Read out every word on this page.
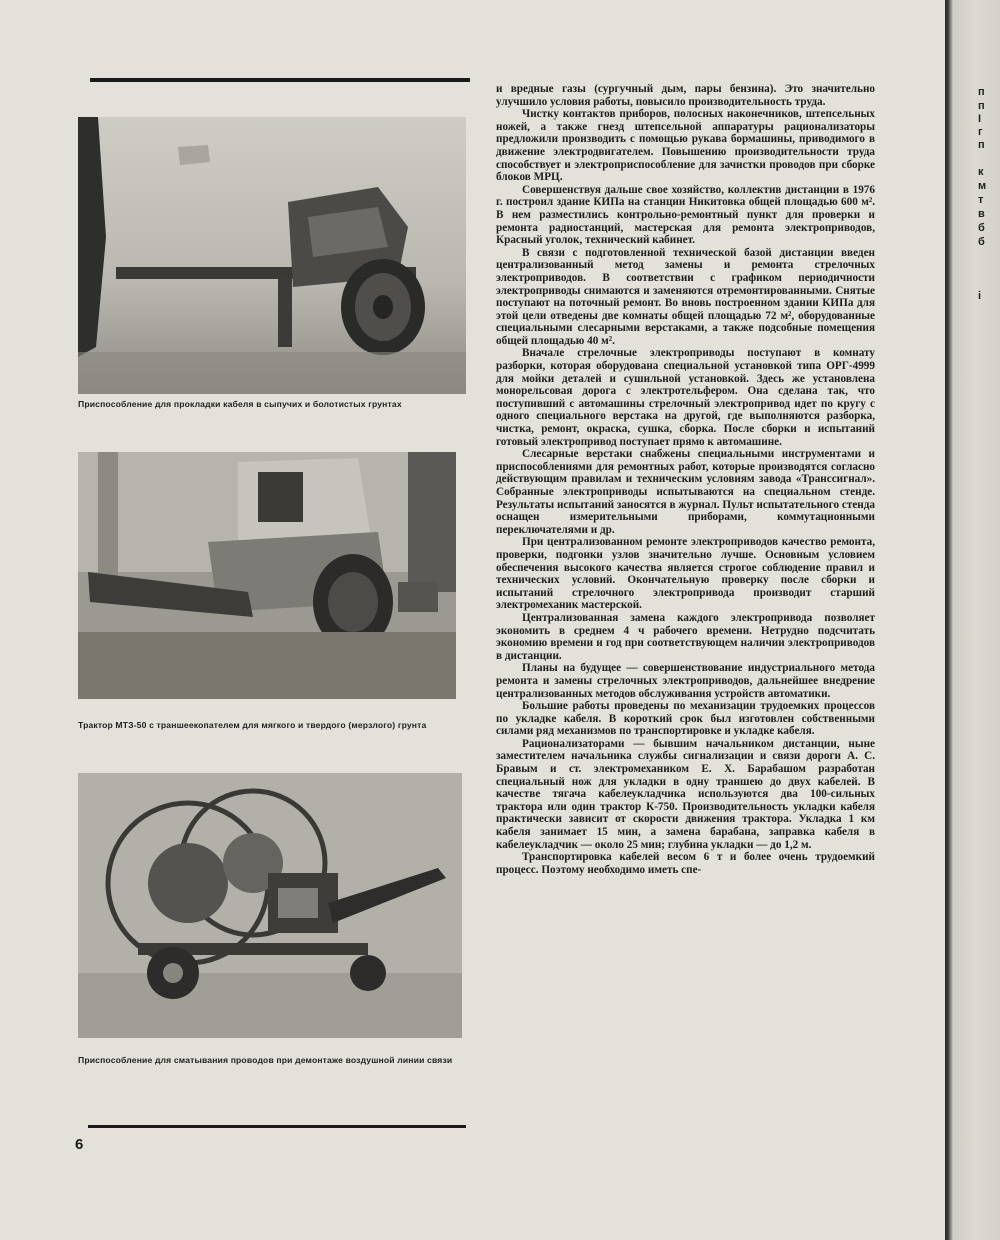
Приспособление для прокладки кабеля в сыпучих и болотистых грунтах
Трактор МТЗ-50 с траншеекопателем для мягкого и твердого (мерзлого) грунта
Приспособление для сматывания проводов при демонтаже воздушной линии связи
6

и вредные газы (сургучный дым, пары бензина). Это значительно улучшило условия работы, повысило производительность труда.

Чистку контактов приборов, полосных наконечников, штепсельных ножей, а также гнезд штепсельной аппаратуры рационализаторы предложили производить с помощью рукава бормашины, приводимого в движение электродвигателем. Повышению производительности труда способствует и электроприспособление для зачистки проводов при сборке блоков МРЦ.

Совершенствуя дальше свое хозяйство, коллектив дистанции в 1976 г. построил здание КИПа на станции Никитовка общей площадью 600 м². В нем разместились контрольно-ремонтный пункт для проверки и ремонта радиостанций, мастерская для ремонта электроприводов, Красный уголок, технический кабинет.

В связи с подготовленной технической базой дистанции введен централизованный метод замены и ремонта стрелочных электроприводов. В соответствии с графиком периодичности электроприводы снимаются и заменяются отремонтированными. Снятые поступают на поточный ремонт. Во вновь построенном здании КИПа для этой цели отведены две комнаты общей площадью 72 м², оборудованные специальными слесарными верстаками, а также подсобные помещения общей площадью 40 м².

Вначале стрелочные электроприводы поступают в комнату разборки, которая оборудована специальной установкой типа ОРГ-4999 для мойки деталей и сушильной установкой. Здесь же установлена монорельсовая дорога с электротельфером. Она сделана так, что поступивший с автомашины стрелочный электропривод идет по кругу с одного специального верстака на другой, где выполняются разборка, чистка, ремонт, окраска, сушка, сборка. После сборки и испытаний готовый электропривод поступает прямо к автомашине.

Слесарные верстаки снабжены специальными инструментами и приспособлениями для ремонтных работ, которые производятся согласно действующим правилам и техническим условиям завода «Транссигнал». Собранные электроприводы испытываются на специальном стенде. Результаты испытаний заносятся в журнал. Пульт испытательного стенда оснащен измерительными приборами, коммутационными переключателями и др.

При централизованном ремонте электроприводов качество ремонта, проверки, подгонки узлов значительно лучше. Основным условием обеспечения высокого качества является строгое соблюдение правил и технических условий. Окончательную проверку после сборки и испытаний стрелочного электропривода производит старший электромеханик мастерской.

Централизованная замена каждого электропривода позволяет экономить в среднем 4 ч рабочего времени. Нетрудно подсчитать экономию времени и год при соответствующем наличии электроприводов в дистанции.

Планы на будущее — совершенствование индустриального метода ремонта и замены стрелочных электроприводов, дальнейшее внедрение централизованных методов обслуживания устройств автоматики.

Большие работы проведены по механизации трудоемких процессов по укладке кабеля. В короткий срок был изготовлен собственными силами ряд механизмов по транспортировке и укладке кабеля.

Рационализаторами — бывшим начальником дистанции, ныне заместителем начальника службы сигнализации и связи дороги А. С. Бравым и ст. электромехаником Е. Х. Барабашом разработан специальный нож для укладки в одну траншею до двух кабелей. В качестве тягача кабелеукладчика используются два 100-сильных трактора или один трактор К-750. Производительность укладки кабеля практически зависит от скорости движения трактора. Укладка 1 км кабеля занимает 15 мин, а замена барабана, заправка кабеля в кабелеукладчик — около 25 мин; глубина укладки — до 1,2 м.

Транспортировка кабелей весом 6 т и более очень трудоемкий процесс. Поэтому необходимо иметь спе-

п
п
I
г
п
к
м
т
в
б
б
і
